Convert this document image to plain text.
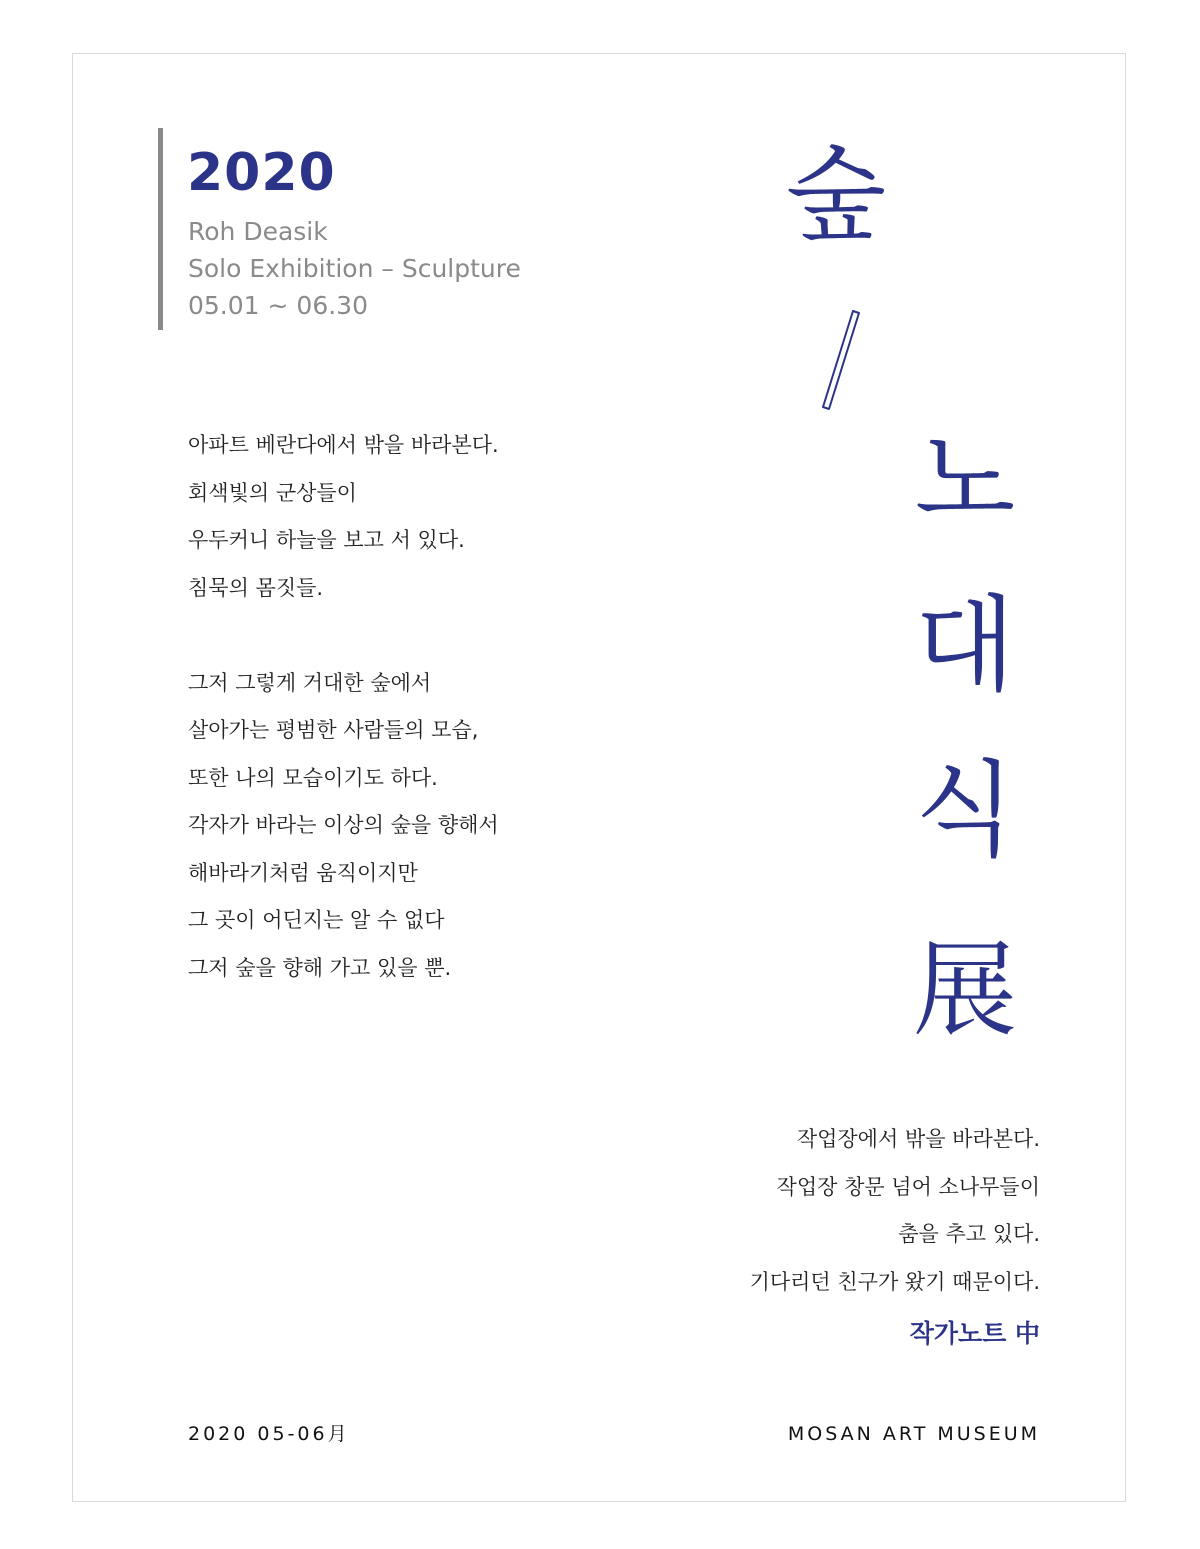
2020
Roh Deasik
Solo Exhibition – Sculpture
05.01 ~ 06.30
아파트 베란다에서 밖을 바라본다.
회색빛의 군상들이
우두커니 하늘을 보고 서 있다.
침묵의 몸짓들.
그저 그렇게 거대한 숲에서
살아가는 평범한 사람들의 모습,
또한 나의 모습이기도 하다.
각자가 바라는 이상의 숲을 향해서
해바라기처럼 움직이지만
그 곳이 어딘지는 알 수 없다
그저 숲을 향해 가고 있을 뿐.
숲
노
대
식
展
작업장에서 밖을 바라본다.
작업장 창문 넘어 소나무들이
춤을 추고 있다.
기다리던 친구가 왔기 때문이다.
작가노트 中
2020 05-06月	MOSAN ART MUSEUM
